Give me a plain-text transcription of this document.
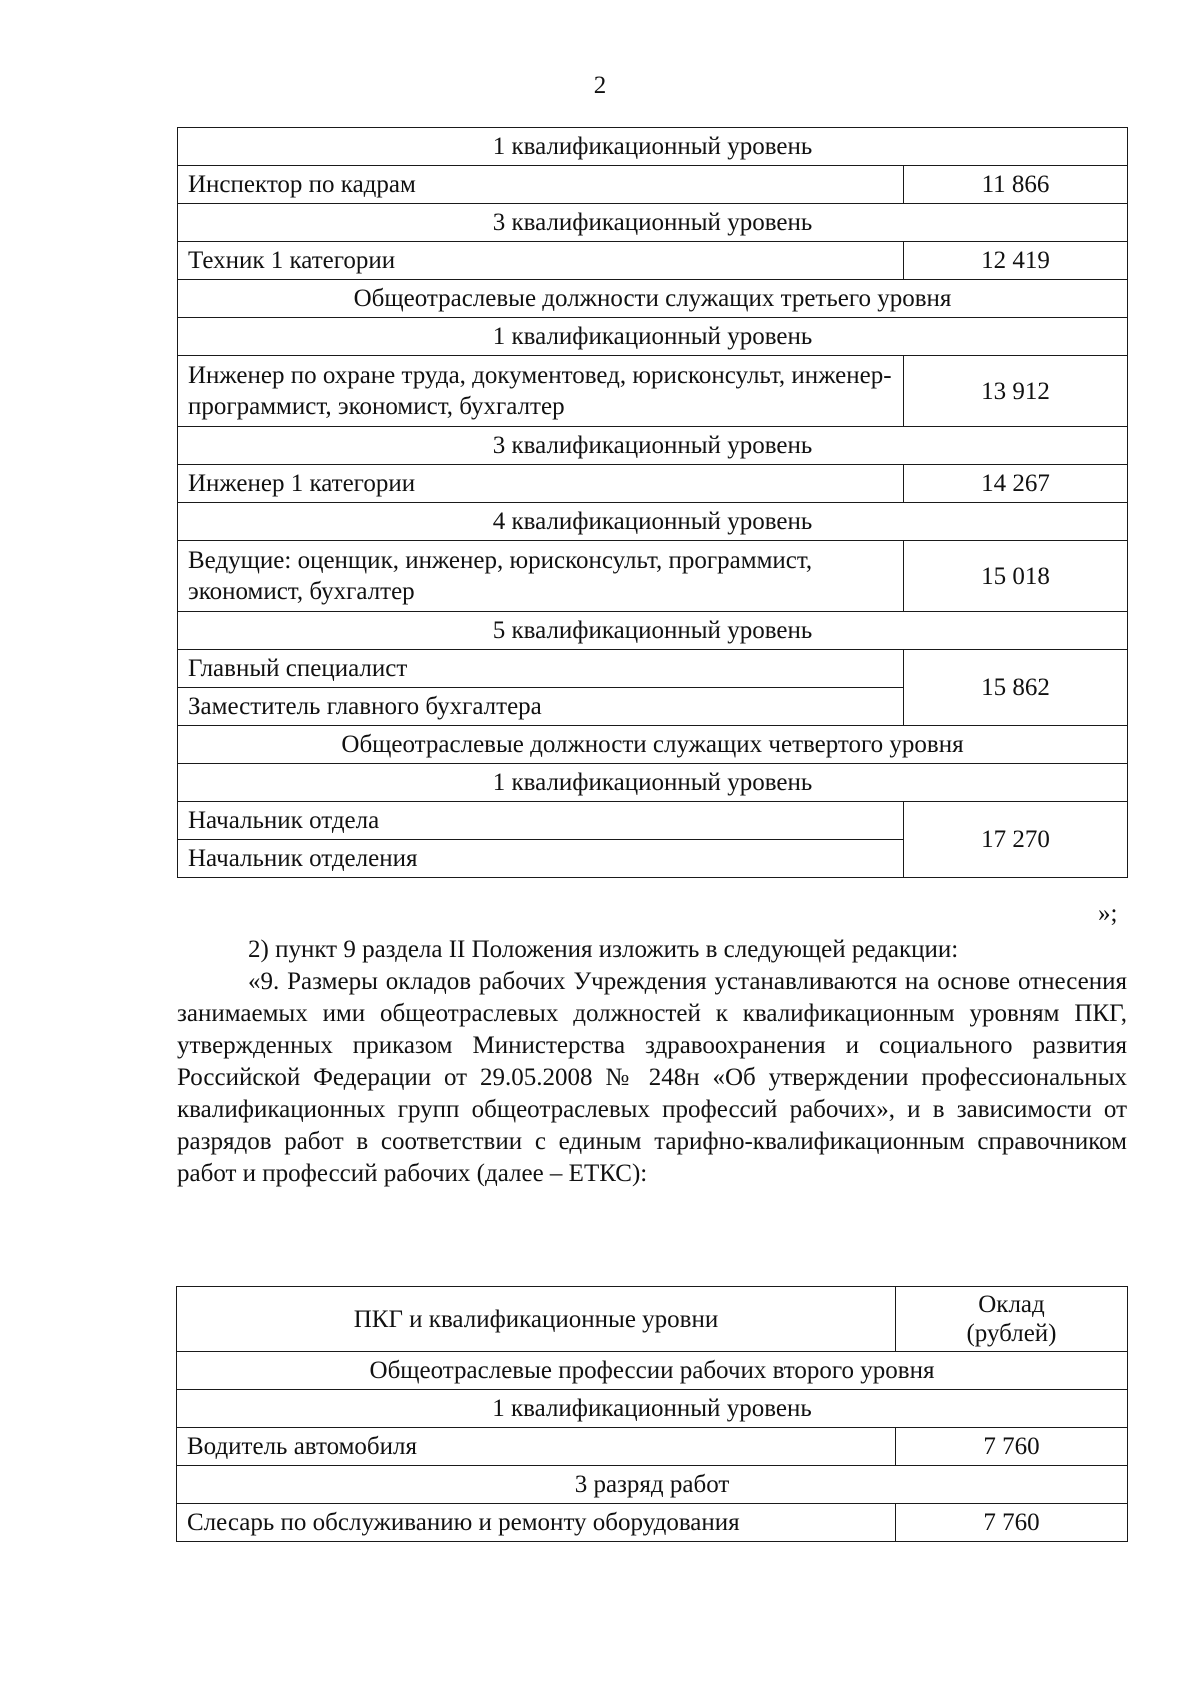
2
1 квалификационный уровень	
Инспектор по кадрам	11 866
3 квалификационный уровень	
Техник 1 категории	12 419
Общеотраслевые должности служащих третьего уровня	
1 квалификационный уровень	
Инженер по охране труда, документовед, юрисконсульт, инженер-программист, экономист, бухгалтер	13 912
3 квалификационный уровень	
Инженер 1 категории	14 267
4 квалификационный уровень	
Ведущие: оценщик, инженер, юрисконсульт, программист, экономист, бухгалтер	15 018
5 квалификационный уровень	
Главный специалист	15 862
Заместитель главного бухгалтера	
Общеотраслевые должности служащих четвертого уровня	
1 квалификационный уровень	
Начальник отдела	17 270
Начальник отделения	
»;

2) пункт 9 раздела II Положения изложить в следующей редакции:

«9. Размеры окладов рабочих Учреждения устанавливаются на основе отнесения занимаемых ими общеотраслевых должностей к квалификационным уровням ПКГ, утвержденных приказом Министерства здравоохранения и социального развития Российской Федерации от 29.05.2008 № 248н «Об утверждении профессиональных квалификационных групп общеотраслевых профессий рабочих», и в зависимости от разрядов работ в соответствии с единым тарифно-квалификационным справочником работ и профессий рабочих (далее – ЕТКС):

ПКГ и квалификационные уровни	Оклад (рублей)
Общеотраслевые профессии рабочих второго уровня	
1 квалификационный уровень	
Водитель автомобиля	7 760
3 разряд работ	
Слесарь по обслуживанию и ремонту оборудования	7 760
